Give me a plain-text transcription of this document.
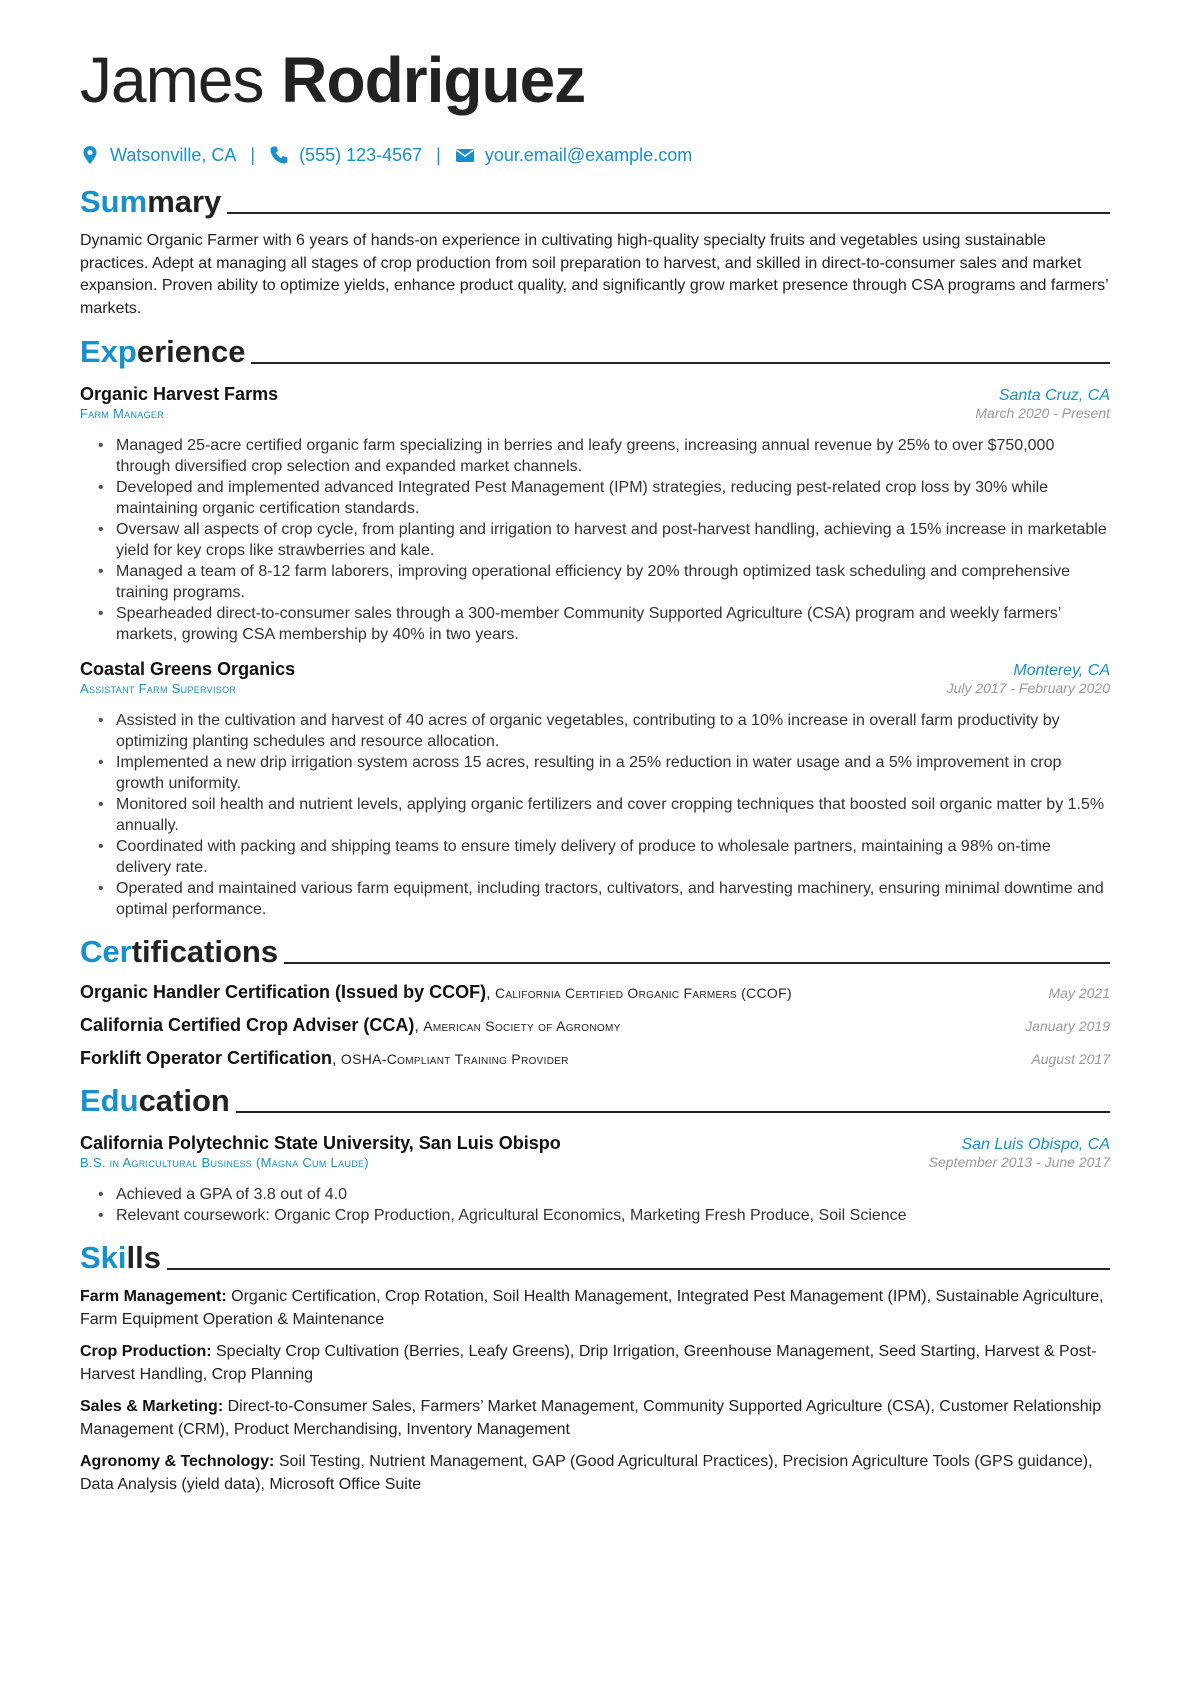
James Rodriguez
Watsonville, CA | (555) 123-4567 | your.email@example.com
Summary
Dynamic Organic Farmer with 6 years of hands-on experience in cultivating high-quality specialty fruits and vegetables using sustainable practices. Adept at managing all stages of crop production from soil preparation to harvest, and skilled in direct-to-consumer sales and market expansion. Proven ability to optimize yields, enhance product quality, and significantly grow market presence through CSA programs and farmers’ markets.
Experience
Organic Harvest Farms	Santa Cruz, CA
Farm Manager	March 2020 - Present
• Managed 25-acre certified organic farm specializing in berries and leafy greens, increasing annual revenue by 25% to over $750,000 through diversified crop selection and expanded market channels.
• Developed and implemented advanced Integrated Pest Management (IPM) strategies, reducing pest-related crop loss by 30% while maintaining organic certification standards.
• Oversaw all aspects of crop cycle, from planting and irrigation to harvest and post-harvest handling, achieving a 15% increase in marketable yield for key crops like strawberries and kale.
• Managed a team of 8-12 farm laborers, improving operational efficiency by 20% through optimized task scheduling and comprehensive training programs.
• Spearheaded direct-to-consumer sales through a 300-member Community Supported Agriculture (CSA) program and weekly farmers’ markets, growing CSA membership by 40% in two years.
Coastal Greens Organics	Monterey, CA
Assistant Farm Supervisor	July 2017 - February 2020
• Assisted in the cultivation and harvest of 40 acres of organic vegetables, contributing to a 10% increase in overall farm productivity by optimizing planting schedules and resource allocation.
• Implemented a new drip irrigation system across 15 acres, resulting in a 25% reduction in water usage and a 5% improvement in crop growth uniformity.
• Monitored soil health and nutrient levels, applying organic fertilizers and cover cropping techniques that boosted soil organic matter by 1.5% annually.
• Coordinated with packing and shipping teams to ensure timely delivery of produce to wholesale partners, maintaining a 98% on-time delivery rate.
• Operated and maintained various farm equipment, including tractors, cultivators, and harvesting machinery, ensuring minimal downtime and optimal performance.
Certifications
Organic Handler Certification (Issued by CCOF), California Certified Organic Farmers (CCOF)	May 2021
California Certified Crop Adviser (CCA), American Society of Agronomy	January 2019
Forklift Operator Certification, OSHA-Compliant Training Provider	August 2017
Education
California Polytechnic State University, San Luis Obispo	San Luis Obispo, CA
B.S. in Agricultural Business (Magna Cum Laude)	September 2013 - June 2017
• Achieved a GPA of 3.8 out of 4.0
• Relevant coursework: Organic Crop Production, Agricultural Economics, Marketing Fresh Produce, Soil Science
Skills
Farm Management: Organic Certification, Crop Rotation, Soil Health Management, Integrated Pest Management (IPM), Sustainable Agriculture, Farm Equipment Operation & Maintenance
Crop Production: Specialty Crop Cultivation (Berries, Leafy Greens), Drip Irrigation, Greenhouse Management, Seed Starting, Harvest & Post-Harvest Handling, Crop Planning
Sales & Marketing: Direct-to-Consumer Sales, Farmers’ Market Management, Community Supported Agriculture (CSA), Customer Relationship Management (CRM), Product Merchandising, Inventory Management
Agronomy & Technology: Soil Testing, Nutrient Management, GAP (Good Agricultural Practices), Precision Agriculture Tools (GPS guidance), Data Analysis (yield data), Microsoft Office Suite
